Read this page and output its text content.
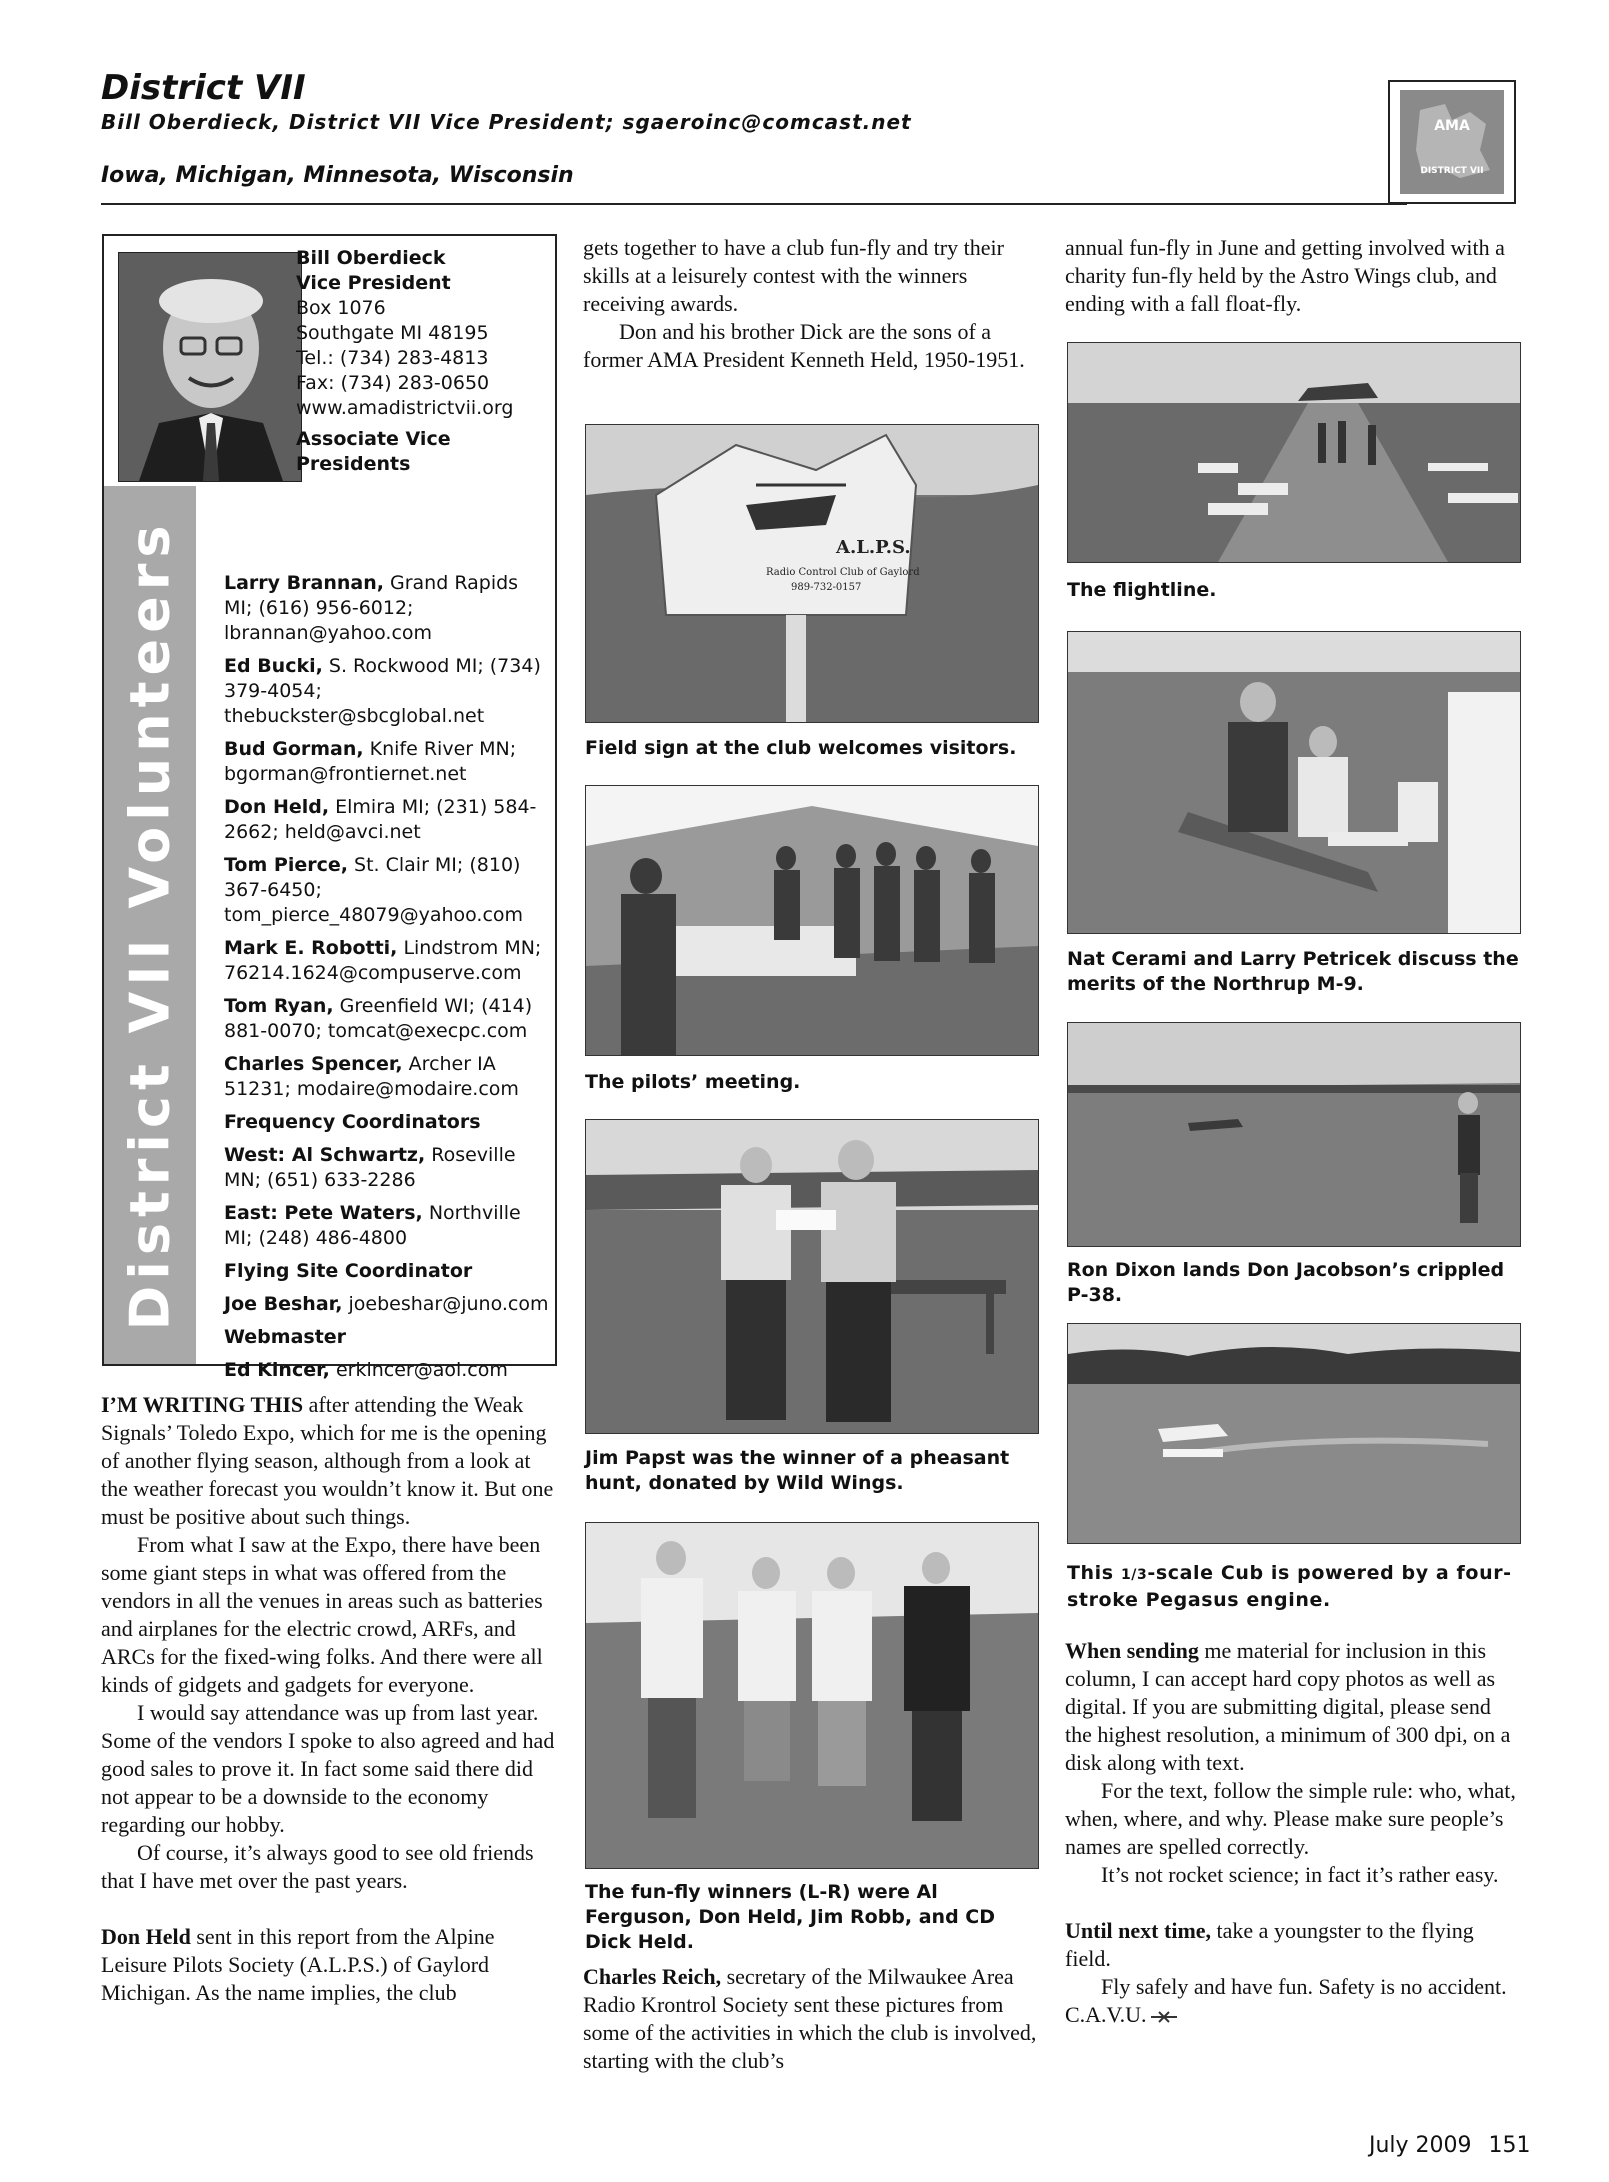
District VII
Bill Oberdieck, District VII Vice President; sgaeroinc@comcast.net
Iowa, Michigan, Minnesota, Wisconsin
AMA
DISTRICT VII
District VII Volunteers
Bill Oberdieck
Vice President
Box 1076
Southgate MI 48195
Tel.: (734) 283-4813
Fax: (734) 283-0650
www.amadistrictvii.org
Associate Vice Presidents
Larry Brannan, Grand Rapids MI; (616) 956-6012; lbrannan@yahoo.com
Ed Bucki, S. Rockwood MI; (734) 379-4054; thebuckster@sbcglobal.net
Bud Gorman, Knife River MN; bgorman@frontiernet.net
Don Held, Elmira MI; (231) 584-2662; held@avci.net
Tom Pierce, St. Clair MI; (810) 367-6450; tom_pierce_48079@yahoo.com
Mark E. Robotti, Lindstrom MN; 76214.1624@compuserve.com
Tom Ryan, Greenfield WI; (414) 881-0070; tomcat@execpc.com
Charles Spencer, Archer IA 51231; modaire@modaire.com
Frequency Coordinators
West: Al Schwartz, Roseville MN; (651) 633-2286
East: Pete Waters, Northville MI; (248) 486-4800
Flying Site Coordinator
Joe Beshar, joebeshar@juno.com
Webmaster
Ed Kincer, erkincer@aol.com

I’M WRITING THIS after attending the Weak Signals’ Toledo Expo, which for me is the opening of another flying season, although from a look at the weather forecast you wouldn’t know it. But one must be positive about such things.

From what I saw at the Expo, there have been some giant steps in what was offered from the vendors in all the venues in areas such as batteries and airplanes for the electric crowd, ARFs, and ARCs for the fixed-wing folks. And there were all kinds of gidgets and gadgets for everyone.

I would say attendance was up from last year. Some of the vendors I spoke to also agreed and had good sales to prove it. In fact some said there did not appear to be a downside to the economy regarding our hobby.

Of course, it’s always good to see old friends that I have met over the past years.

Don Held sent in this report from the Alpine Leisure Pilots Society (A.L.P.S.) of Gaylord Michigan. As the name implies, the club

gets together to have a club fun-fly and try their skills at a leisurely contest with the winners receiving awards.

Don and his brother Dick are the sons of a former AMA President Kenneth Held, 1950-1951.

A.L.P.S.
Radio Control Club of Gaylord
989-732-0157
Field sign at the club welcomes visitors.
The pilots’ meeting.
Jim Papst was the winner of a pheasant hunt, donated by Wild Wings.
The fun-fly winners (L-R) were Al Ferguson, Don Held, Jim Robb, and CD Dick Held.

Charles Reich, secretary of the Milwaukee Area Radio Krontrol Society sent these pictures from some of the activities in which the club is involved, starting with the club’s

annual fun-fly in June and getting involved with a charity fun-fly held by the Astro Wings club, and ending with a fall float-fly.

The flightline.
Nat Cerami and Larry Petricek discuss the merits of the Northrup M-9.
Ron Dixon lands Don Jacobson’s crippled P-38.
This 1/3-scale Cub is powered by a four-stroke Pegasus engine.

When sending me material for inclusion in this column, I can accept hard copy photos as well as digital. If you are submitting digital, please send the highest resolution, a minimum of 300 dpi, on a disk along with text.

For the text, follow the simple rule: who, what, when, where, and why. Please make sure people’s names are spelled correctly.

It’s not rocket science; in fact it’s rather easy.

Until next time, take a youngster to the flying field.

Fly safely and have fun. Safety is no accident. C.A.V.U.

July 2009 151
